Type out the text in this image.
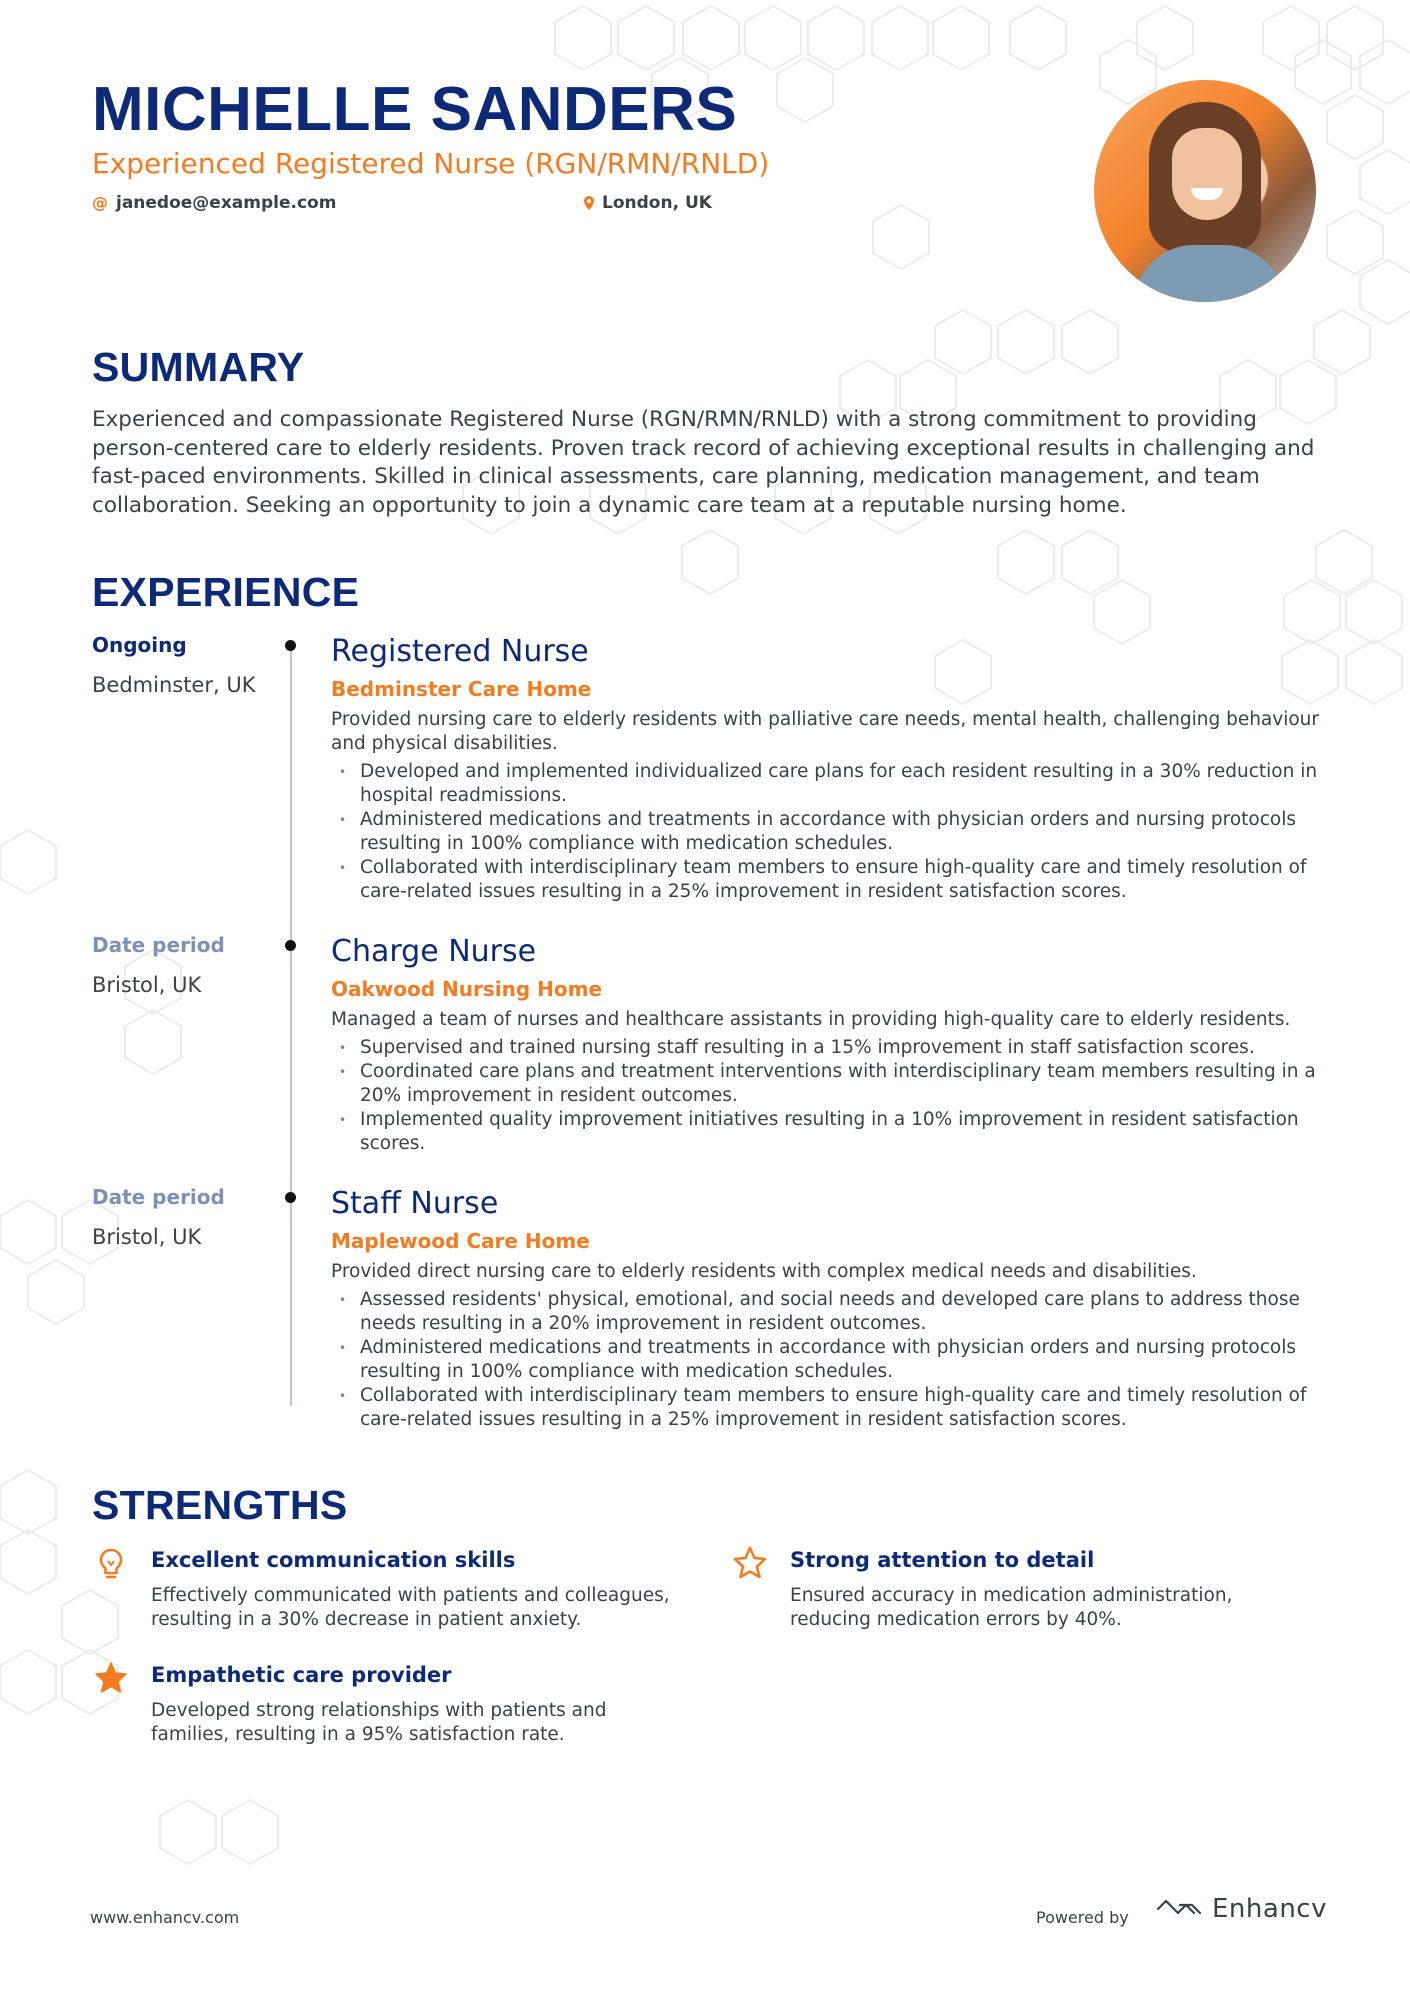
MICHELLE SANDERS

Experienced Registered Nurse (RGN/RMN/RNLD)

@ janedoe@example.com	London, UK
SUMMARY

Experienced and compassionate Registered Nurse (RGN/RMN/RNLD) with a strong commitment to providing person-centered care to elderly residents. Proven track record of achieving exceptional results in challenging and fast-paced environments. Skilled in clinical assessments, care planning, medication management, and team collaboration. Seeking an opportunity to join a dynamic care team at a reputable nursing home.

EXPERIENCE
Ongoing
Bedminster, UK

Registered Nurse

Bedminster Care Home

Provided nursing care to elderly residents with palliative care needs, mental health, challenging behaviour and physical disabilities.

• Developed and implemented individualized care plans for each resident resulting in a 30% reduction in hospital readmissions.
• Administered medications and treatments in accordance with physician orders and nursing protocols resulting in 100% compliance with medication schedules.
• Collaborated with interdisciplinary team members to ensure high-quality care and timely resolution of care-related issues resulting in a 25% improvement in resident satisfaction scores.
Date period
Bristol, UK

Charge Nurse

Oakwood Nursing Home

Managed a team of nurses and healthcare assistants in providing high-quality care to elderly residents.

• Supervised and trained nursing staff resulting in a 15% improvement in staff satisfaction scores.
• Coordinated care plans and treatment interventions with interdisciplinary team members resulting in a 20% improvement in resident outcomes.
• Implemented quality improvement initiatives resulting in a 10% improvement in resident satisfaction scores.
Date period
Bristol, UK

Staff Nurse

Maplewood Care Home

Provided direct nursing care to elderly residents with complex medical needs and disabilities.

• Assessed residents' physical, emotional, and social needs and developed care plans to address those needs resulting in a 20% improvement in resident outcomes.
• Administered medications and treatments in accordance with physician orders and nursing protocols resulting in 100% compliance with medication schedules.
• Collaborated with interdisciplinary team members to ensure high-quality care and timely resolution of care-related issues resulting in a 25% improvement in resident satisfaction scores.
STRENGTHS

Excellent communication skills

Effectively communicated with patients and colleagues, resulting in a 30% decrease in patient anxiety.

Strong attention to detail

Ensured accuracy in medication administration, reducing medication errors by 40%.

Empathetic care provider

Developed strong relationships with patients and families, resulting in a 95% satisfaction rate.

www.enhancv.com	Powered by	Enhancv
